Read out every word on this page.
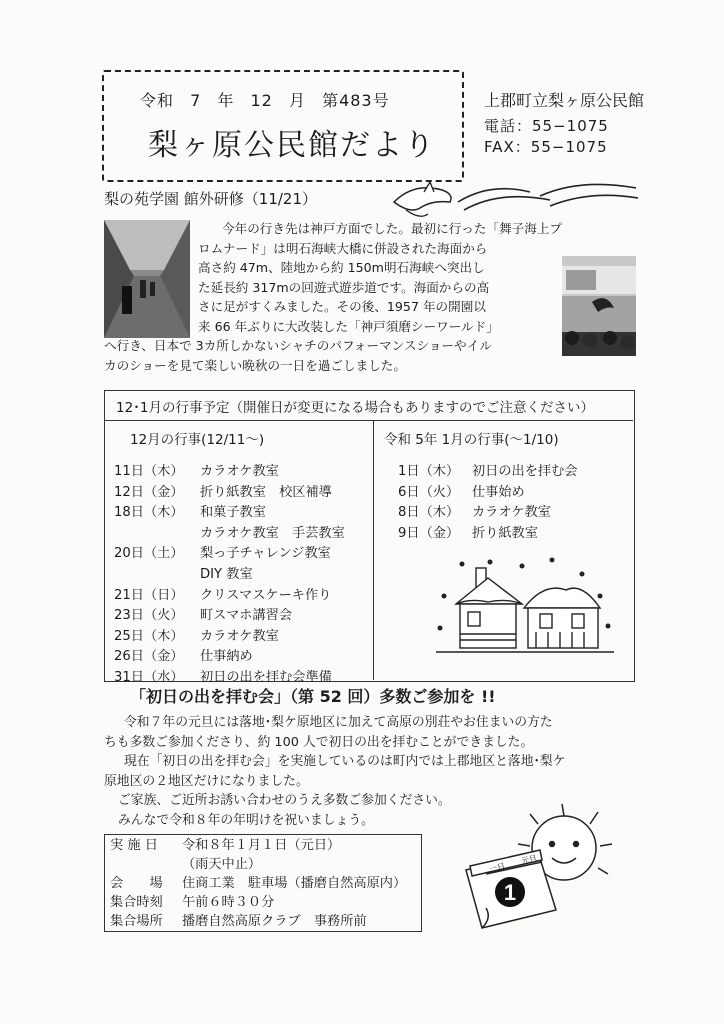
令和 7 年 12 月 第483号
梨ヶ原公民館だより
上郡町立梨ヶ原公民館
電話：55−1075
FAX：55−1075
梨の苑学園 館外研修（11/21）
今年の行き先は神戸方面でした。最初に行った「舞子海上プ
ロムナード」は明石海峡大橋に併設された海面から
高さ約 47m、陸地から約 150m明石海峡へ突出し
た延長約 317mの回遊式遊歩道です。海面からの高
さに足がすくみました。その後、1957 年の開園以
来 66 年ぶりに大改装した「神戸須磨シーワールド」
へ行き、日本で 3カ所しかないシャチのパフォーマンスショーやイル
カのショーを見て楽しい晩秋の一日を過ごしました。
12･1月の行事予定（開催日が変更になる場合もありますのでご注意ください）
12月の行事(12/11〜)	令和 5年 1月の行事(〜1/10)
11日（木） カラオケ教室
12日（金） 折り紙教室　校区補導
18日（木） 和菓子教室
カラオケ教室　手芸教室
20日（土） 梨っ子チャレンジ教室
DIY 教室
21日（日） クリスマスケーキ作り
23日（火） 町スマホ講習会
25日（木） カラオケ教室
26日（金） 仕事納め
31日（水） 初日の出を拝む会準備
1日（木） 初日の出を拝む会
6日（火） 仕事始め
8日（木） カラオケ教室
9日（金） 折り紙教室
「初日の出を拝む会」（第 52 回）多数ご参加を !!
令和７年の元旦には落地･梨ケ原地区に加えて高原の別荘やお住まいの方た
ちも多数ご参加くださり、約 100 人で初日の出を拝むことができました。
現在「初日の出を拝む会」を実施しているのは町内では上郡地区と落地･梨ケ
原地区の２地区だけになりました。
ご家族、ご近所お誘い合わせのうえ多数ご参加ください。
みんなで令和８年の年明けを祝いましょう。
実 施 日 令和８年１月１日（元日）
（雨天中止）
会　　場 住商工業　駐車場（播磨自然高原内）
集合時刻 午前６時３０分
集合場所 播磨自然高原クラブ　事務所前
一日
元旦
1
